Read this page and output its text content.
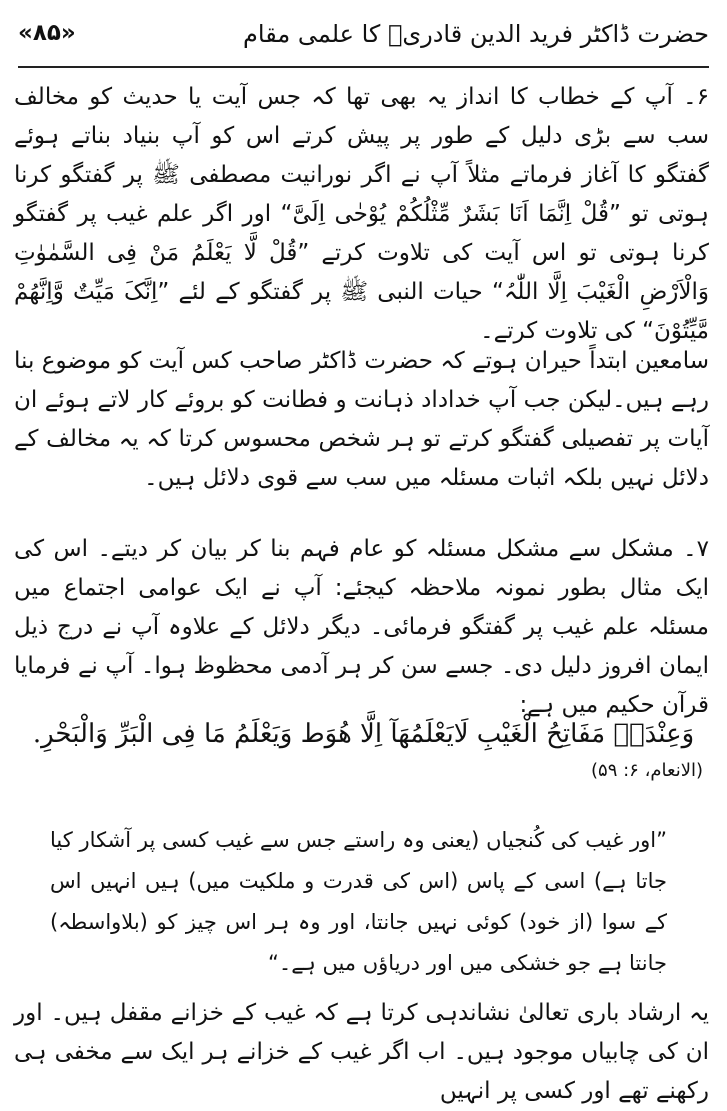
«۸۵»	حضرت ڈاکٹر فرید الدین قادریؒ کا علمی مقام

۶۔ آپ کے خطاب کا انداز یہ بھی تھا کہ جس آیت یا حدیث کو مخالف سب سے بڑی دلیل کے طور پر پیش کرتے اس کو آپ بنیاد بناتے ہوئے گفتگو کا آغاز فرماتے مثلاً آپ نے اگر نورانیت مصطفی ﷺ پر گفتگو کرنا ہوتی تو ”قُلْ اِنَّمَا اَنَا بَشَرٌ مِّثْلُکُمْ یُوْحٰی اِلَیَّ“ اور اگر علم غیب پر گفتگو کرنا ہوتی تو اس آیت کی تلاوت کرتے ”قُلْ لَّا یَعْلَمُ مَنْ فِی السَّمٰوٰتِ وَالْاَرْضِ الْغَیْبَ اِلَّا اللّٰہُ“ حیات النبی ﷺ پر گفتگو کے لئے ”اِنَّکَ مَیِّتٌ وَّاِنَّھُمْ مَّیِّتُوْنَ“ کی تلاوت کرتے۔

سامعین ابتداً حیران ہوتے کہ حضرت ڈاکٹر صاحب کس آیت کو موضوع بنا رہے ہیں۔لیکن جب آپ خداداد ذہانت و فطانت کو بروئے کار لاتے ہوئے ان آیات پر تفصیلی گفتگو کرتے تو ہر شخص محسوس کرتا کہ یہ مخالف کے دلائل نہیں بلکہ اثبات مسئلہ میں سب سے قوی دلائل ہیں۔

۷۔ مشکل سے مشکل مسئلہ کو عام فہم بنا کر بیان کر دیتے۔ اس کی ایک مثال بطور نمونہ ملاحظہ کیجئے: آپ نے ایک عوامی اجتماع میں مسئلہ علم غیب پر گفتگو فرمائی۔ دیگر دلائل کے علاوہ آپ نے درج ذیل ایمان افروز دلیل دی۔ جسے سن کر ہر آدمی محظوظ ہوا۔ آپ نے فرمایا قرآن حکیم میں ہے:

وَعِنْدَہٗ مَفَاتِحُ الْغَیْبِ لَایَعْلَمُھَآ اِلَّا ھُوَط وَیَعْلَمُ مَا فِی الْبَرِّ وَالْبَحْرِ.

(الانعام، ۶: ۵۹)

”اور غیب کی کُنجیاں (یعنی وہ راستے جس سے غیب کسی پر آشکار کیا جاتا ہے) اسی کے پاس (اس کی قدرت و ملکیت میں) ہیں انہیں اس کے سوا (از خود) کوئی نہیں جانتا، اور وہ ہر اس چیز کو (بلاواسطہ) جانتا ہے جو خشکی میں اور دریاؤں میں ہے۔“

یہ ارشاد باری تعالیٰ نشاندہی کرتا ہے کہ غیب کے خزانے مقفل ہیں۔ اور ان کی چابیاں موجود ہیں۔ اب اگر غیب کے خزانے ہر ایک سے مخفی ہی رکھنے تھے اور کسی پر انہیں
